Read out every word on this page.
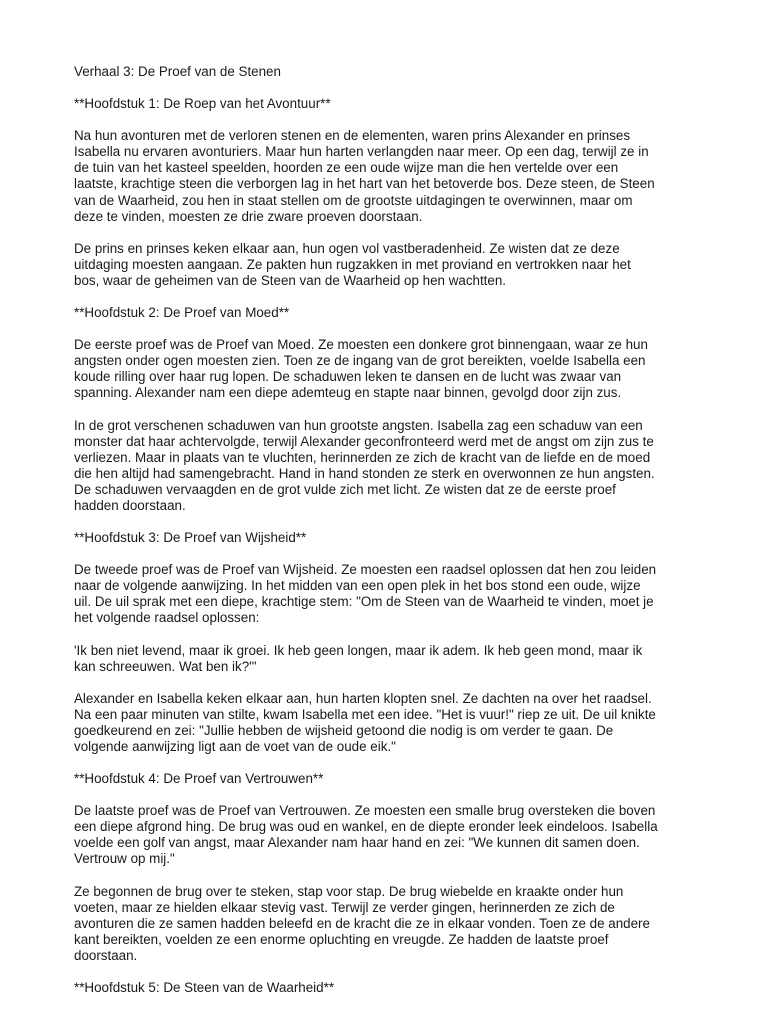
Verhaal 3: De Proef van de Stenen
**Hoofdstuk 1: De Roep van het Avontuur**
Na hun avonturen met de verloren stenen en de elementen, waren prins Alexander en prinses
Isabella nu ervaren avonturiers. Maar hun harten verlangden naar meer. Op een dag, terwijl ze in
de tuin van het kasteel speelden, hoorden ze een oude wijze man die hen vertelde over een
laatste, krachtige steen die verborgen lag in het hart van het betoverde bos. Deze steen, de Steen
van de Waarheid, zou hen in staat stellen om de grootste uitdagingen te overwinnen, maar om
deze te vinden, moesten ze drie zware proeven doorstaan.
De prins en prinses keken elkaar aan, hun ogen vol vastberadenheid. Ze wisten dat ze deze
uitdaging moesten aangaan. Ze pakten hun rugzakken in met proviand en vertrokken naar het
bos, waar de geheimen van de Steen van de Waarheid op hen wachtten.
**Hoofdstuk 2: De Proef van Moed**
De eerste proef was de Proef van Moed. Ze moesten een donkere grot binnengaan, waar ze hun
angsten onder ogen moesten zien. Toen ze de ingang van de grot bereikten, voelde Isabella een
koude rilling over haar rug lopen. De schaduwen leken te dansen en de lucht was zwaar van
spanning. Alexander nam een diepe ademteug en stapte naar binnen, gevolgd door zijn zus.
In de grot verschenen schaduwen van hun grootste angsten. Isabella zag een schaduw van een
monster dat haar achtervolgde, terwijl Alexander geconfronteerd werd met de angst om zijn zus te
verliezen. Maar in plaats van te vluchten, herinnerden ze zich de kracht van de liefde en de moed
die hen altijd had samengebracht. Hand in hand stonden ze sterk en overwonnen ze hun angsten.
De schaduwen vervaagden en de grot vulde zich met licht. Ze wisten dat ze de eerste proef
hadden doorstaan.
**Hoofdstuk 3: De Proef van Wijsheid**
De tweede proef was de Proef van Wijsheid. Ze moesten een raadsel oplossen dat hen zou leiden
naar de volgende aanwijzing. In het midden van een open plek in het bos stond een oude, wijze
uil. De uil sprak met een diepe, krachtige stem: "Om de Steen van de Waarheid te vinden, moet je
het volgende raadsel oplossen:
'Ik ben niet levend, maar ik groei. Ik heb geen longen, maar ik adem. Ik heb geen mond, maar ik
kan schreeuwen. Wat ben ik?'"
Alexander en Isabella keken elkaar aan, hun harten klopten snel. Ze dachten na over het raadsel.
Na een paar minuten van stilte, kwam Isabella met een idee. "Het is vuur!" riep ze uit. De uil knikte
goedkeurend en zei: "Jullie hebben de wijsheid getoond die nodig is om verder te gaan. De
volgende aanwijzing ligt aan de voet van de oude eik."
**Hoofdstuk 4: De Proef van Vertrouwen**
De laatste proef was de Proef van Vertrouwen. Ze moesten een smalle brug oversteken die boven
een diepe afgrond hing. De brug was oud en wankel, en de diepte eronder leek eindeloos. Isabella
voelde een golf van angst, maar Alexander nam haar hand en zei: "We kunnen dit samen doen.
Vertrouw op mij."
Ze begonnen de brug over te steken, stap voor stap. De brug wiebelde en kraakte onder hun
voeten, maar ze hielden elkaar stevig vast. Terwijl ze verder gingen, herinnerden ze zich de
avonturen die ze samen hadden beleefd en de kracht die ze in elkaar vonden. Toen ze de andere
kant bereikten, voelden ze een enorme opluchting en vreugde. Ze hadden de laatste proef
doorstaan.
**Hoofdstuk 5: De Steen van de Waarheid**
